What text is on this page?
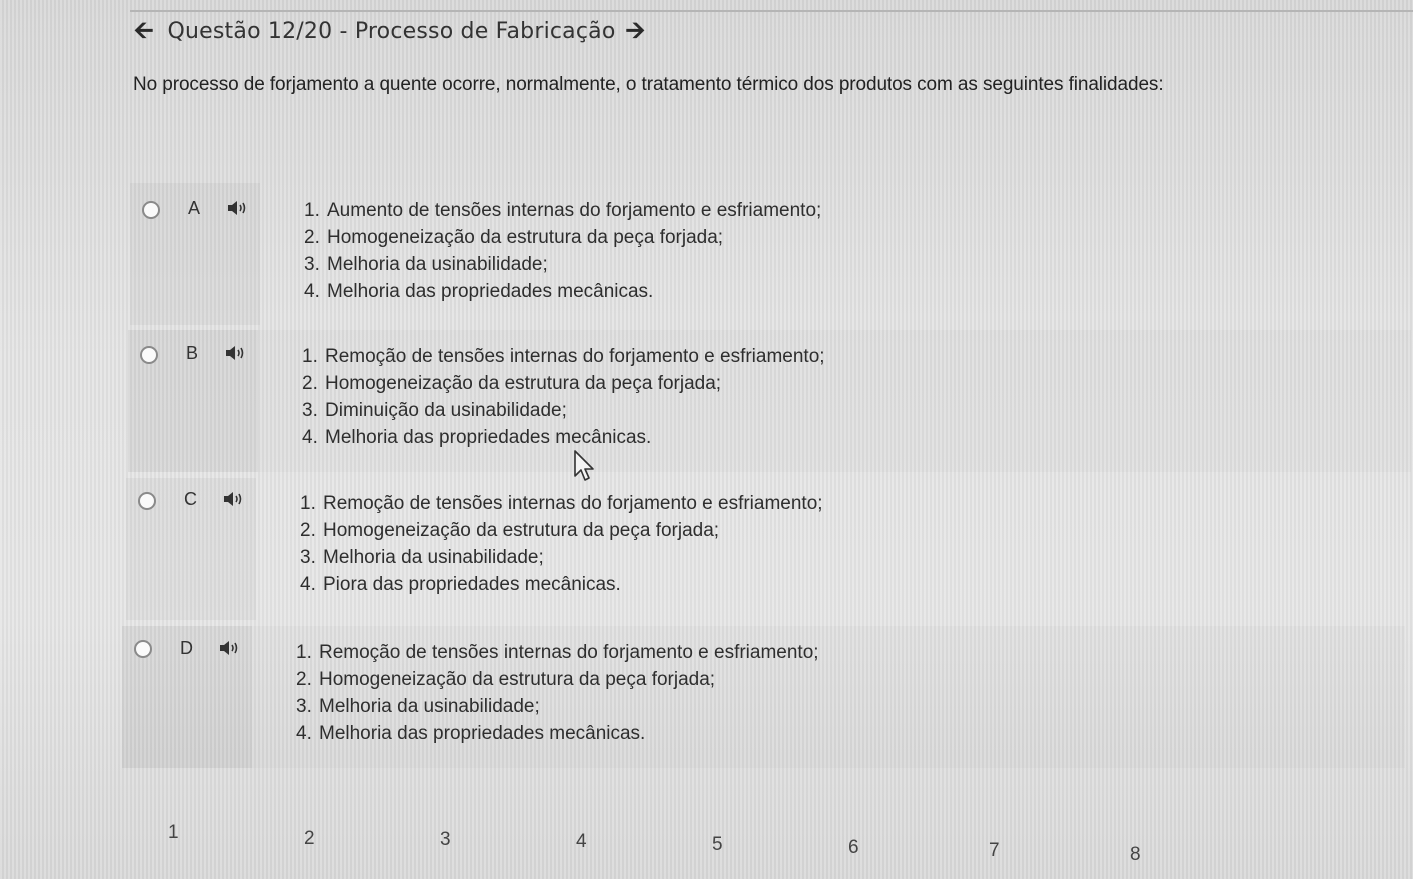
🡨 Questão 12/20 - Processo de Fabricação 🡪
No processo de forjamento a quente ocorre, normalmente, o tratamento térmico dos produtos com as seguintes finalidades:
A	1. Aumento de tensões internas do forjamento e esfriamento;
2. Homogeneização da estrutura da peça forjada;
3. Melhoria da usinabilidade;
4. Melhoria das propriedades mecânicas.
B	1. Remoção de tensões internas do forjamento e esfriamento;
2. Homogeneização da estrutura da peça forjada;
3. Diminuição da usinabilidade;
4. Melhoria das propriedades mecânicas.
C	1. Remoção de tensões internas do forjamento e esfriamento;
2. Homogeneização da estrutura da peça forjada;
3. Melhoria da usinabilidade;
4. Piora das propriedades mecânicas.
D	1. Remoção de tensões internas do forjamento e esfriamento;
2. Homogeneização da estrutura da peça forjada;
3. Melhoria da usinabilidade;
4. Melhoria das propriedades mecânicas.
1	2	3	4	5	6	7	8
